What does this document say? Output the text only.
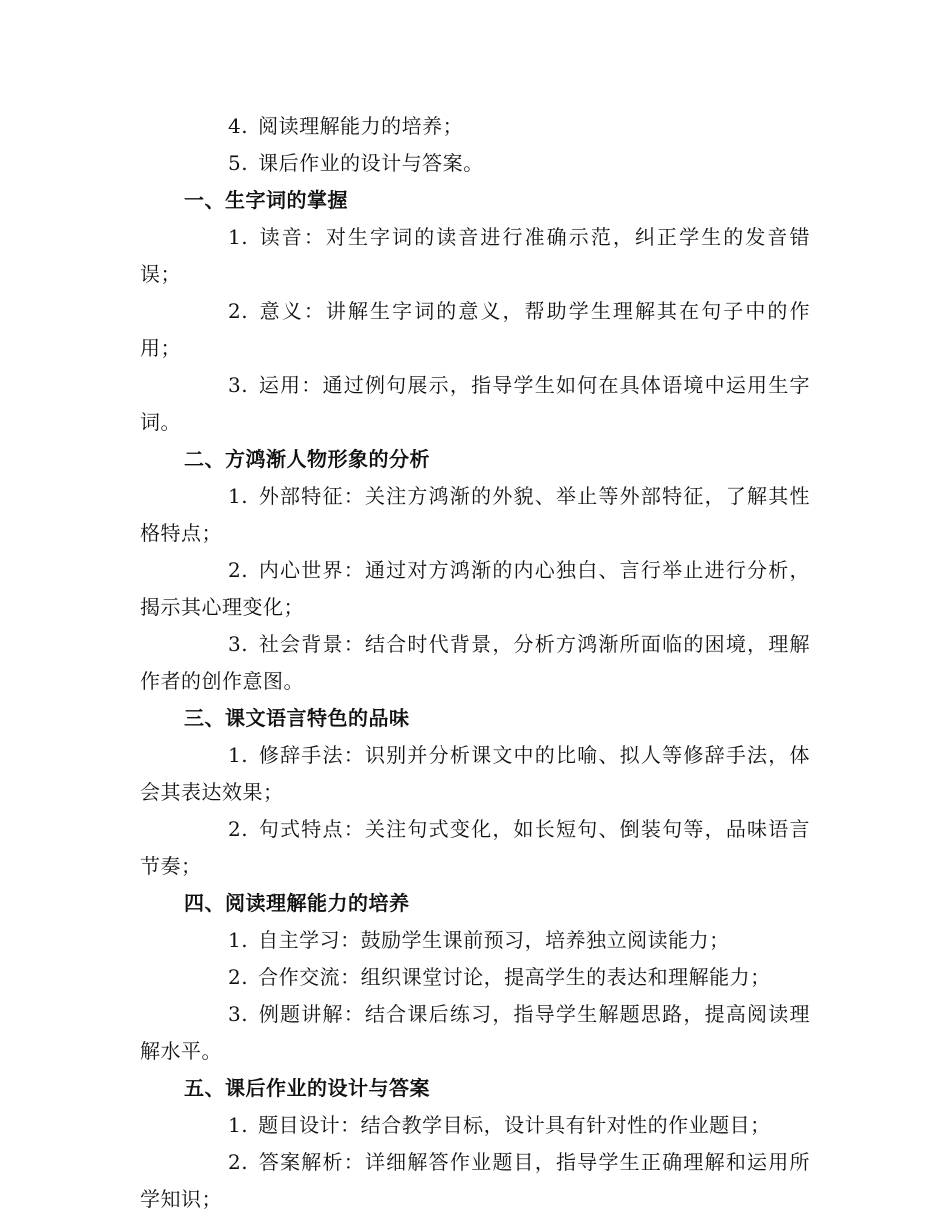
4. 阅读理解能力的培养；

5. 课后作业的设计与答案。

一、生字词的掌握

1. 读音：对生字词的读音进行准确示范，纠正学生的发音错误；

2. 意义：讲解生字词的意义，帮助学生理解其在句子中的作用；

3. 运用：通过例句展示，指导学生如何在具体语境中运用生字词。

二、方鸿渐人物形象的分析

1. 外部特征：关注方鸿渐的外貌、举止等外部特征，了解其性格特点；

2. 内心世界：通过对方鸿渐的内心独白、言行举止进行分析，揭示其心理变化；

3. 社会背景：结合时代背景，分析方鸿渐所面临的困境，理解作者的创作意图。

三、课文语言特色的品味

1. 修辞手法：识别并分析课文中的比喻、拟人等修辞手法，体会其表达效果；

2. 句式特点：关注句式变化，如长短句、倒装句等，品味语言节奏；

四、阅读理解能力的培养

1. 自主学习：鼓励学生课前预习，培养独立阅读能力；

2. 合作交流：组织课堂讨论，提高学生的表达和理解能力；

3. 例题讲解：结合课后练习，指导学生解题思路，提高阅读理解水平。

五、课后作业的设计与答案

1. 题目设计：结合教学目标，设计具有针对性的作业题目；

2. 答案解析：详细解答作业题目，指导学生正确理解和运用所学知识；
